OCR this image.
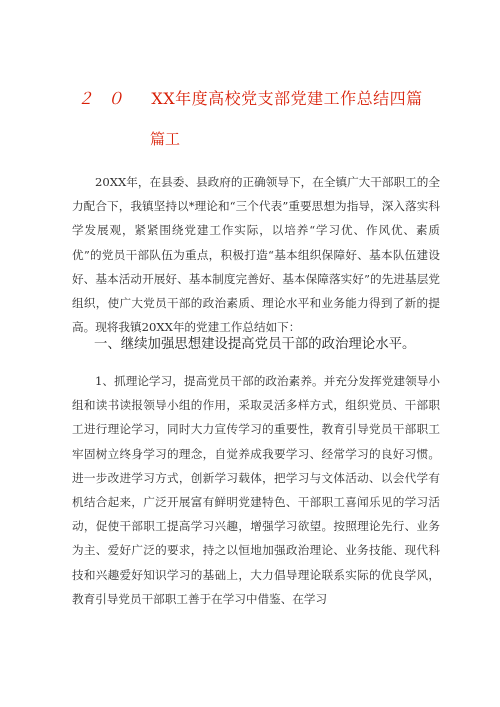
２０ XX年度高校党支部党建工作总结四篇
篇工
20XX年，在县委、县政府的正确领导下，在全镇广大干部职工的全力配合下，我镇坚持以*理论和“三个代表”重要思想为指导，深入落实科学发展观，紧紧围绕党建工作实际，以培养“学习优、作风优、素质优”的党员干部队伍为重点，积极打造“基本组织保障好、基本队伍建设好、基本活动开展好、基本制度完善好、基本保障落实好”的先进基层党组织，使广大党员干部的政治素质、理论水平和业务能力得到了新的提高。现将我镇20XX年的党建工作总结如下：
一、继续加强思想建设提高党员干部的政治理论水平。
1、抓理论学习，提高党员干部的政治素养。并充分发挥党建领导小组和读书读报领导小组的作用，采取灵活多样方式，组织党员、干部职工进行理论学习，同时大力宣传学习的重要性，教育引导党员干部职工牢固树立终身学习的理念，自觉养成我要学习、经常学习的良好习惯。进一步改进学习方式，创新学习载体，把学习与文体活动、以会代学有机结合起来，广泛开展富有鲜明党建特色、干部职工喜闻乐见的学习活动，促使干部职工提高学习兴趣，增强学习欲望。按照理论先行、业务为主、爱好广泛的要求，持之以恒地加强政治理论、业务技能、现代科技和兴趣爱好知识学习的基础上，大力倡导理论联系实际的优良学风，教育引导党员干部职工善于在学习中借鉴、在学习
